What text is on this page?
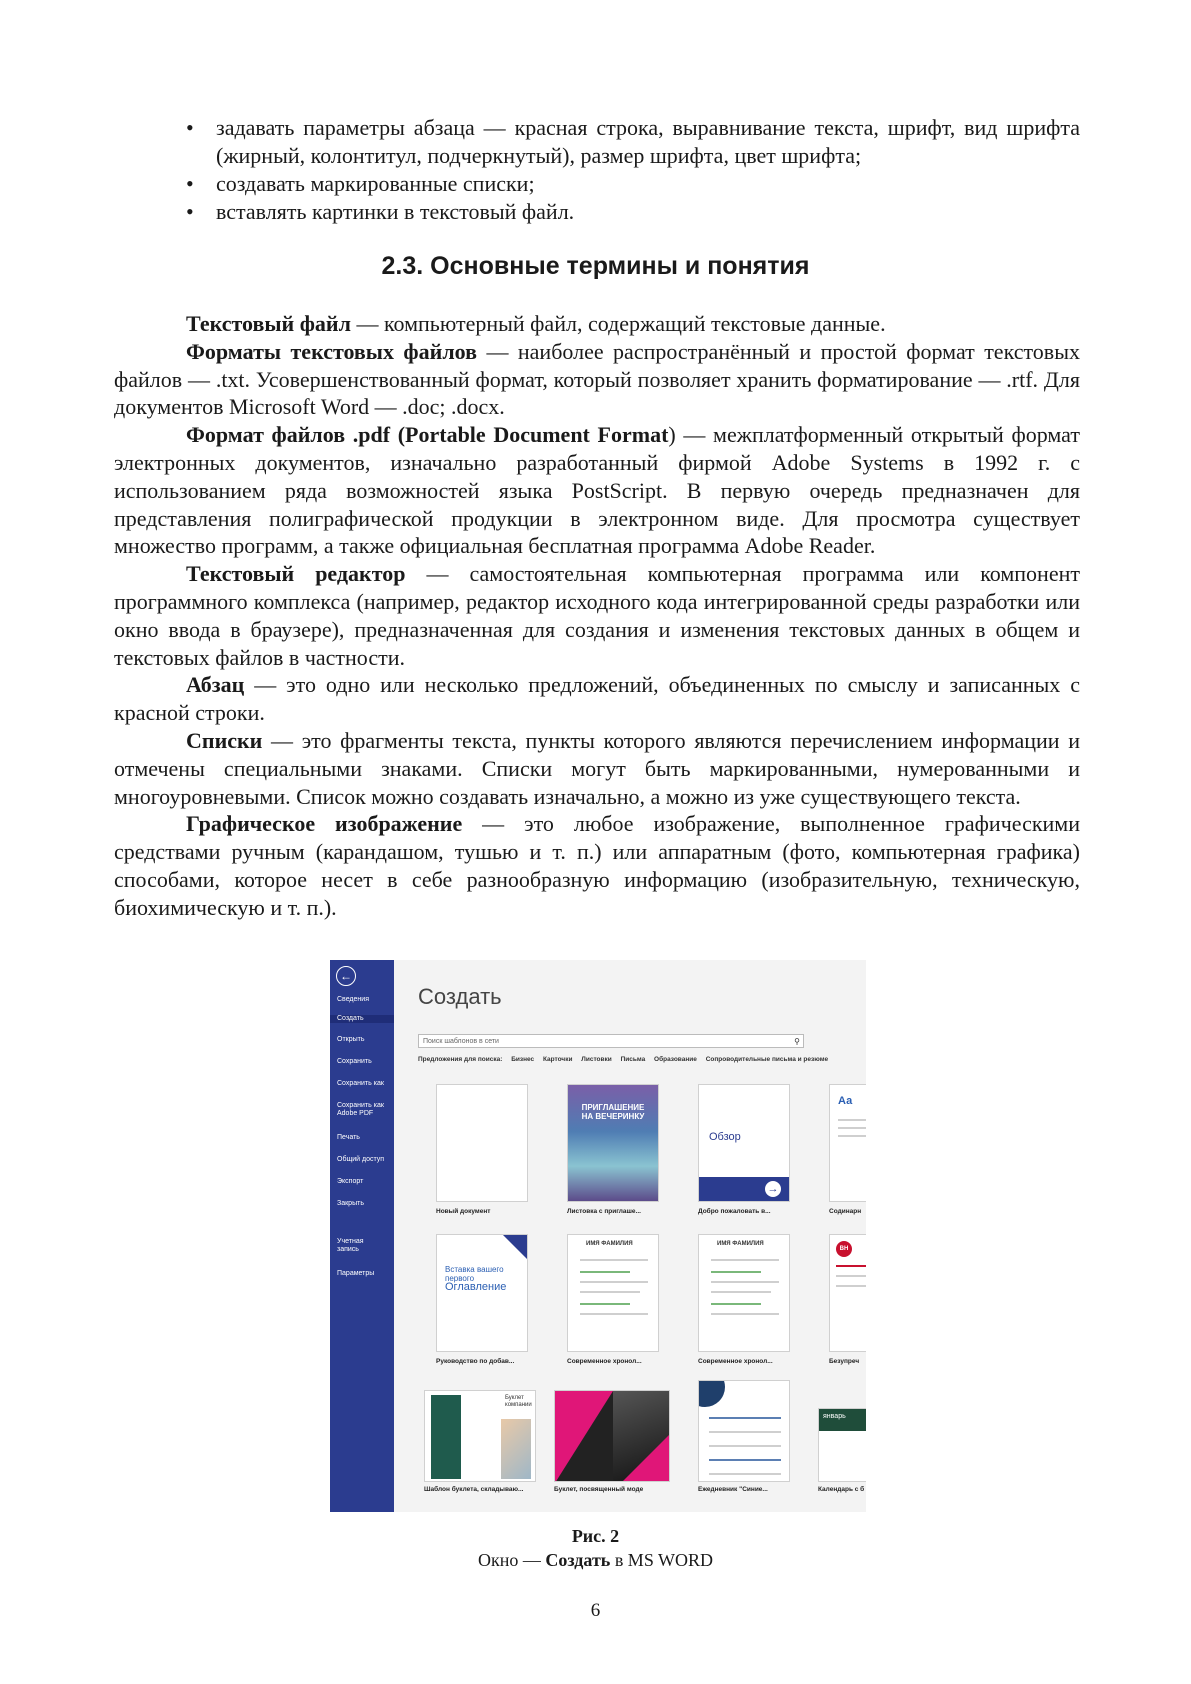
• задавать параметры абзаца — красная строка, выравнивание текста, шрифт, вид шрифта (жирный, колонтитул, подчеркнутый), размер шрифта, цвет шрифта;
• создавать маркированные списки;
• вставлять картинки в текстовый файл.
2.3. Основные термины и понятия

Текстовый файл — компьютерный файл, содержащий текстовые данные.

Форматы текстовых файлов — наиболее распространённый и простой формат текстовых файлов — .txt. Усовершенствованный формат, который позволяет хранить форматирование — .rtf. Для документов Microsoft Word — .doc; .docx.

Формат файлов .pdf (Portable Document Format) — межплатформенный открытый формат электронных документов, изначально разработанный фирмой Adobe Systems в 1992 г. с использованием ряда возможностей языка PostScript. В первую очередь предназначен для представления полиграфической продукции в электронном виде. Для просмотра существует множество программ, а также официальная бесплатная программа Adobe Reader.

Текстовый редактор — самостоятельная компьютерная программа или компонент программного комплекса (например, редактор исходного кода интегрированной среды разработки или окно ввода в браузере), предназначенная для создания и изменения текстовых данных в общем и текстовых файлов в частности.

Абзац — это одно или несколько предложений, объединенных по смыслу и записанных с красной строки.

Списки — это фрагменты текста, пункты которого являются перечислением информации и отмечены специальными знаками. Списки могут быть маркированными, нумерованными и многоуровневыми. Список можно создавать изначально, а можно из уже существующего текста.

Графическое изображение — это любое изображение, выполненное графическими средствами ручным (карандашом, тушью и т. п.) или аппаратным (фото, компьютерная графика) способами, которое несет в себе разнообразную информацию (изобразительную, техническую, биохимическую и т. п.).

←
Сведения
Создать
Открыть
Сохранить
Сохранить как
Сохранить как Adobe PDF
Печать
Общий доступ
Экспорт
Закрыть
Учетная запись
Параметры
Создать
Поиск шаблонов в сети	⚲
Предложения для поиска: Бизнес Карточки Листовки Письма Образование Сопроводительные письма и резюме
Новый документ
ПРИГЛАШЕНИЕ НА ВЕЧЕРИНКУ
Листовка с приглаше...
Обзор
→
Добро пожаловать в...
Аа
Содинарн
Вставка вашего первого
Оглавление
Руководство по добав...
ИМЯ ФАМИЛИЯ
Современное хронол...
ИМЯ ФАМИЛИЯ
Современное хронол...
ВН
Безупреч
Буклет компании
Шаблон буклета, складываю...	Буклет, посвященный моде	Ежедневник "Синие...
январь
Календарь с б
Рис. 2
Окно — Создать в MS WORD
6
